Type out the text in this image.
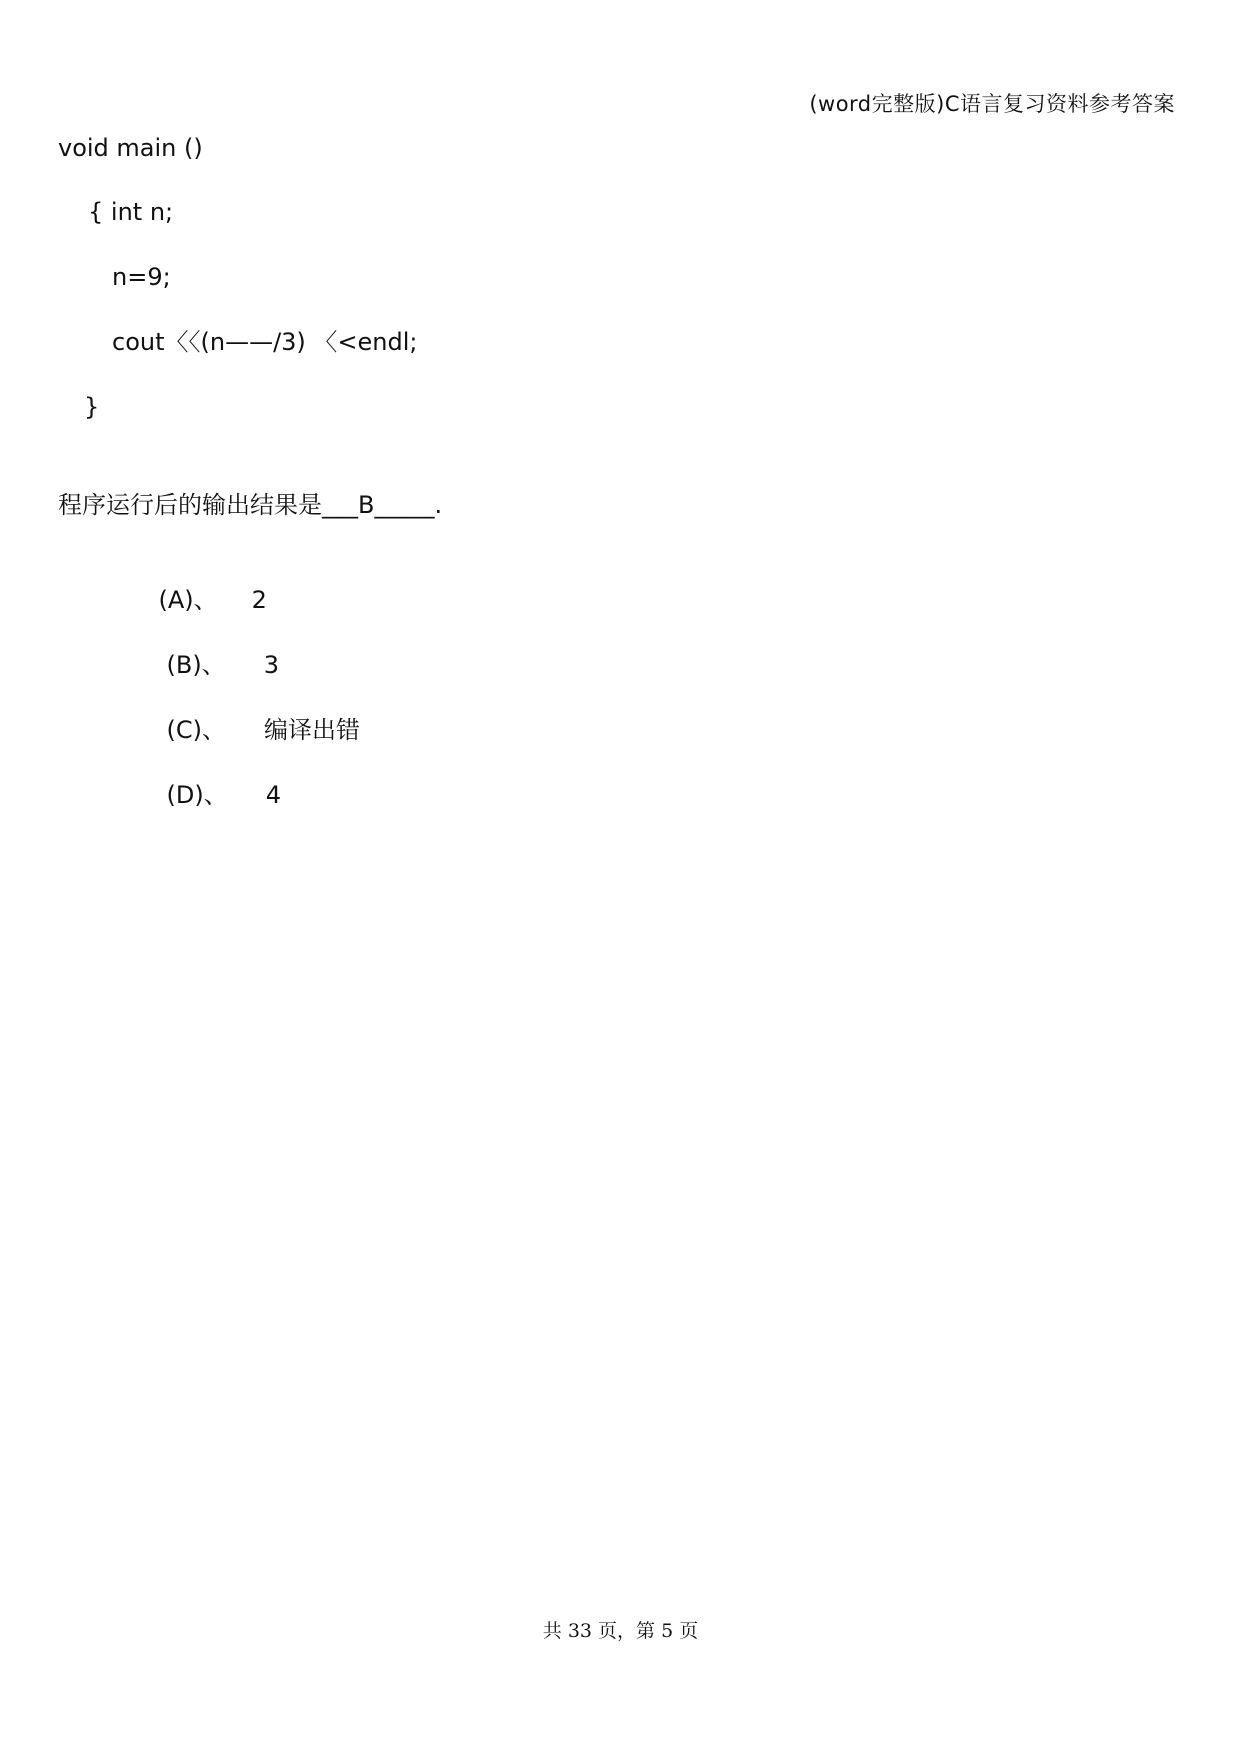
(word完整版)C语言复习资料参考答案
void main ()
{ int n;
n=9;
cout〈〈(n——/3) 〈<endl;
}
程序运行后的输出结果是___B_____.

(A)、 2

(B)、 3

(C)、 编译出错

(D)、 4

共 33 页，第 5 页
